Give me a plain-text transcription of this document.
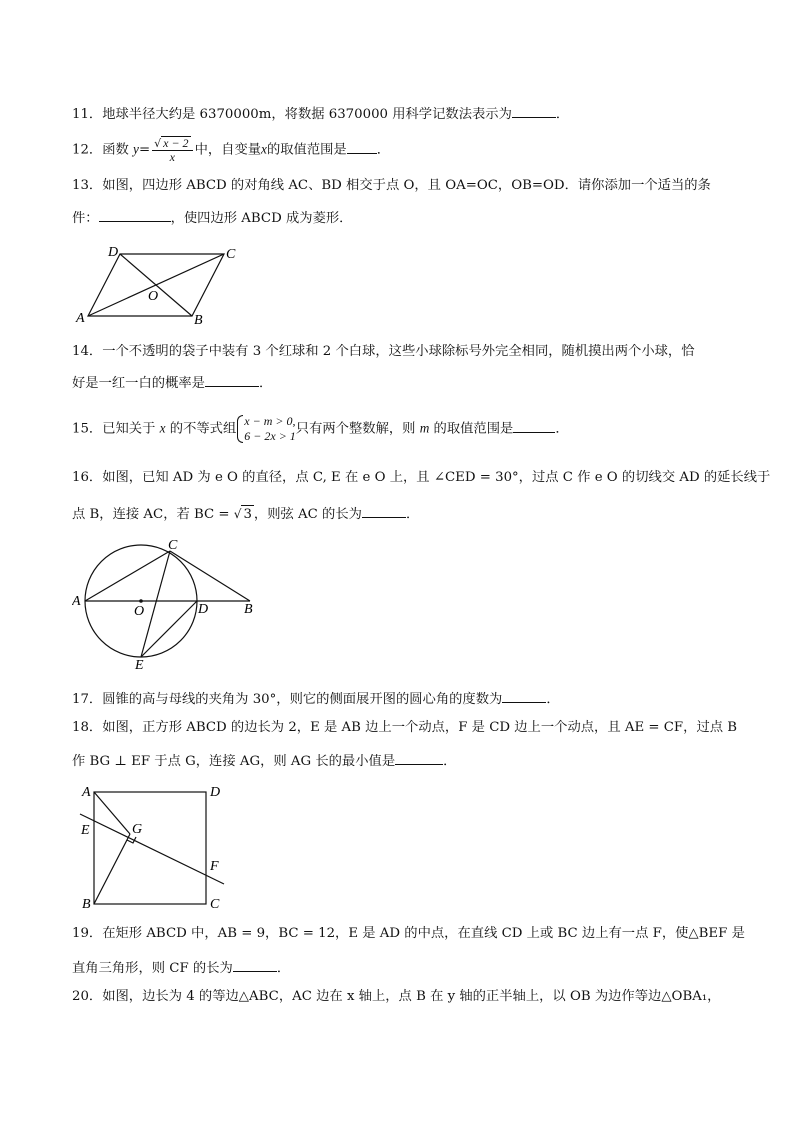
11．地球半径大约是 6370000m，将数据 6370000 用科学记数法表示为	．
12．函数 $y= \frac{√ x - 2}{x}$ 中，自变量x的取值范围是 ．
13．如图，四边形 ABCD 的对角线 AC、BD 相交于点 O，且 OA=OC，OB=OD．请你添加一个适当的条
件：	，使四边形 ABCD 成为菱形．
A	B
C
D
O
14．一个不透明的袋子中装有 3 个红球和 2 个白球，这些小球除标号外完全相同，随机摸出两个小球，恰
好是一红一白的概率是	．
15．已知关于 x 的不等式组
x − m > 0,
6 − 2x > 1 只有两个整数解，则 m 的取值范围是	．
16．如图，已知 AD 为 e O 的直径，点 C, E 在 e O 上，且 ∠CED = 30°，过点 C 作 e O 的切线交 AD 的延长线于
点 B，连接 AC，若 BC = √ 3 ，则弦 AC 的长为	．
A
B
C
D
E
O
17．圆锥的高与母线的夹角为 30°，则它的侧面展开图的圆心角的度数为	．
18．如图，正方形 ABCD 的边长为 2，E 是 AB 边上一个动点，F 是 CD 边上一个动点，且 AE = CF，过点 B
作 BG ⊥ EF 于点 G，连接 AG，则 AG 长的最小值是	．
A
B	C
D
E
F
G
19．在矩形 ABCD 中，AB = 9，BC = 12，E 是 AD 的中点，在直线 CD 上或 BC 边上有一点 F，使△BEF 是
直角三角形，则 CF 的长为	．
20．如图，边长为 4 的等边△ABC，AC 边在 x 轴上，点 B 在 y 轴的正半轴上，以 OB 为边作等边△OBA₁，
